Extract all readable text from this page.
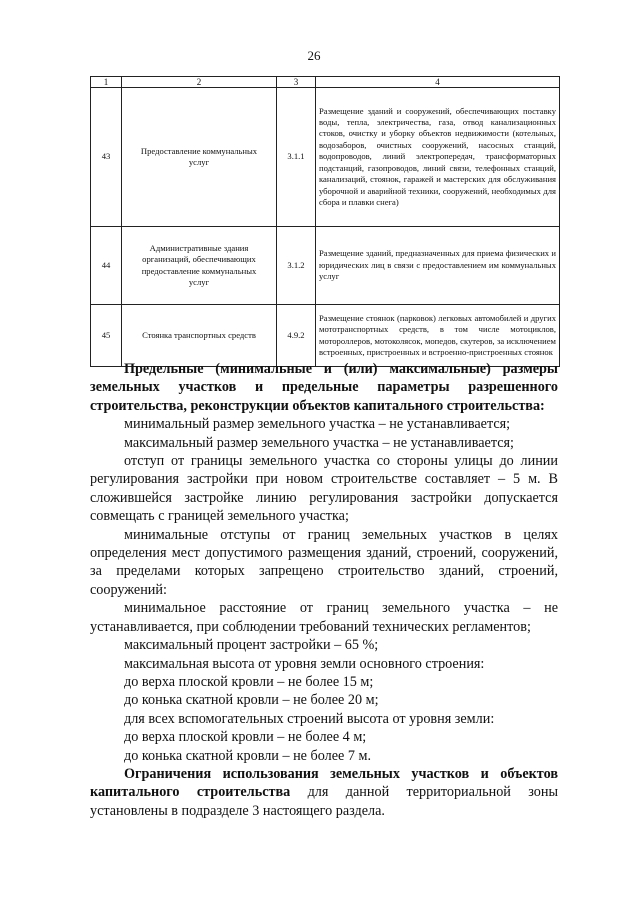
26
1	2	3	4
43	Предоставление коммунальных услуг	3.1.1	Размещение зданий и сооружений, обеспечивающих поставку воды, тепла, электричества, газа, отвод канализационных стоков, очистку и уборку объектов недвижимости (котельных, водозаборов, очистных сооружений, насосных станций, водопроводов, линий электропередач, трансформаторных подстанций, газопроводов, линий связи, телефонных станций, канализаций, стоянок, гаражей и мастерских для обслуживания уборочной и аварийной техники, сооружений, необходимых для сбора и плавки снега)
44	Административные здания организаций, обеспечивающих предоставление коммунальных услуг	3.1.2	Размещение зданий, предназначенных для приема физических и юридических лиц в связи с предоставлением им коммунальных услуг
45	Стоянка транспортных средств	4.9.2	Размещение стоянок (парковок) легковых автомобилей и других мототранспортных средств, в том числе мотоциклов, мотороллеров, мотоколясок, мопедов, скутеров, за исключением встроенных, пристроенных и встроенно-пристроенных стоянок

Предельные (минимальные и (или) максимальные) размеры земельных участков и предельные параметры разрешенного строительства, реконструкции объектов капитального строительства:

минимальный размер земельного участка – не устанавливается;

максимальный размер земельного участка – не устанавливается;

отступ от границы земельного участка со стороны улицы до линии регулирования застройки при новом строительстве составляет – 5 м. В сложившейся застройке линию регулирования застройки допускается совмещать с границей земельного участка;

минимальные отступы от границ земельных участков в целях определения мест допустимого размещения зданий, строений, сооружений, за пределами которых запрещено строительство зданий, строений, сооружений:

минимальное расстояние от границ земельного участка – не устанавливается, при соблюдении требований технических регламентов;

максимальный процент застройки – 65 %;

максимальная высота от уровня земли основного строения:

до верха плоской кровли – не более 15 м;

до конька скатной кровли – не более 20 м;

для всех вспомогательных строений высота от уровня земли:

до верха плоской кровли – не более 4 м;

до конька скатной кровли – не более 7 м.

Ограничения использования земельных участков и объектов капитального строительства для данной территориальной зоны установлены в подразделе 3 настоящего раздела.
